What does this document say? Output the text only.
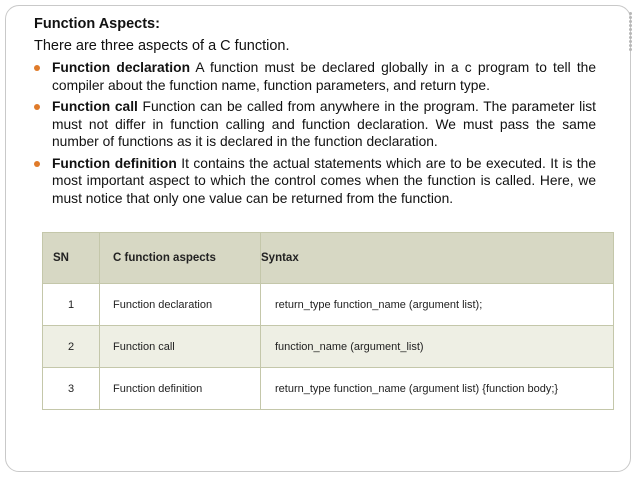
Function Aspects:

There are three aspects of a C function.

Function declaration A function must be declared globally in a c program to tell the compiler about the function name, function parameters, and return type.
Function call Function can be called from anywhere in the program. The parameter list must not differ in function calling and function declaration. We must pass the same number of functions as it is declared in the function declaration.
Function definition It contains the actual statements which are to be executed. It is the most important aspect to which the control comes when the function is called. Here, we must notice that only one value can be returned from the function.
SN	C function aspects	Syntax
1	Function declaration	return_type function_name (argument list);
2	Function call	function_name (argument_list)
3	Function definition	return_type function_name (argument list) {function body;}
